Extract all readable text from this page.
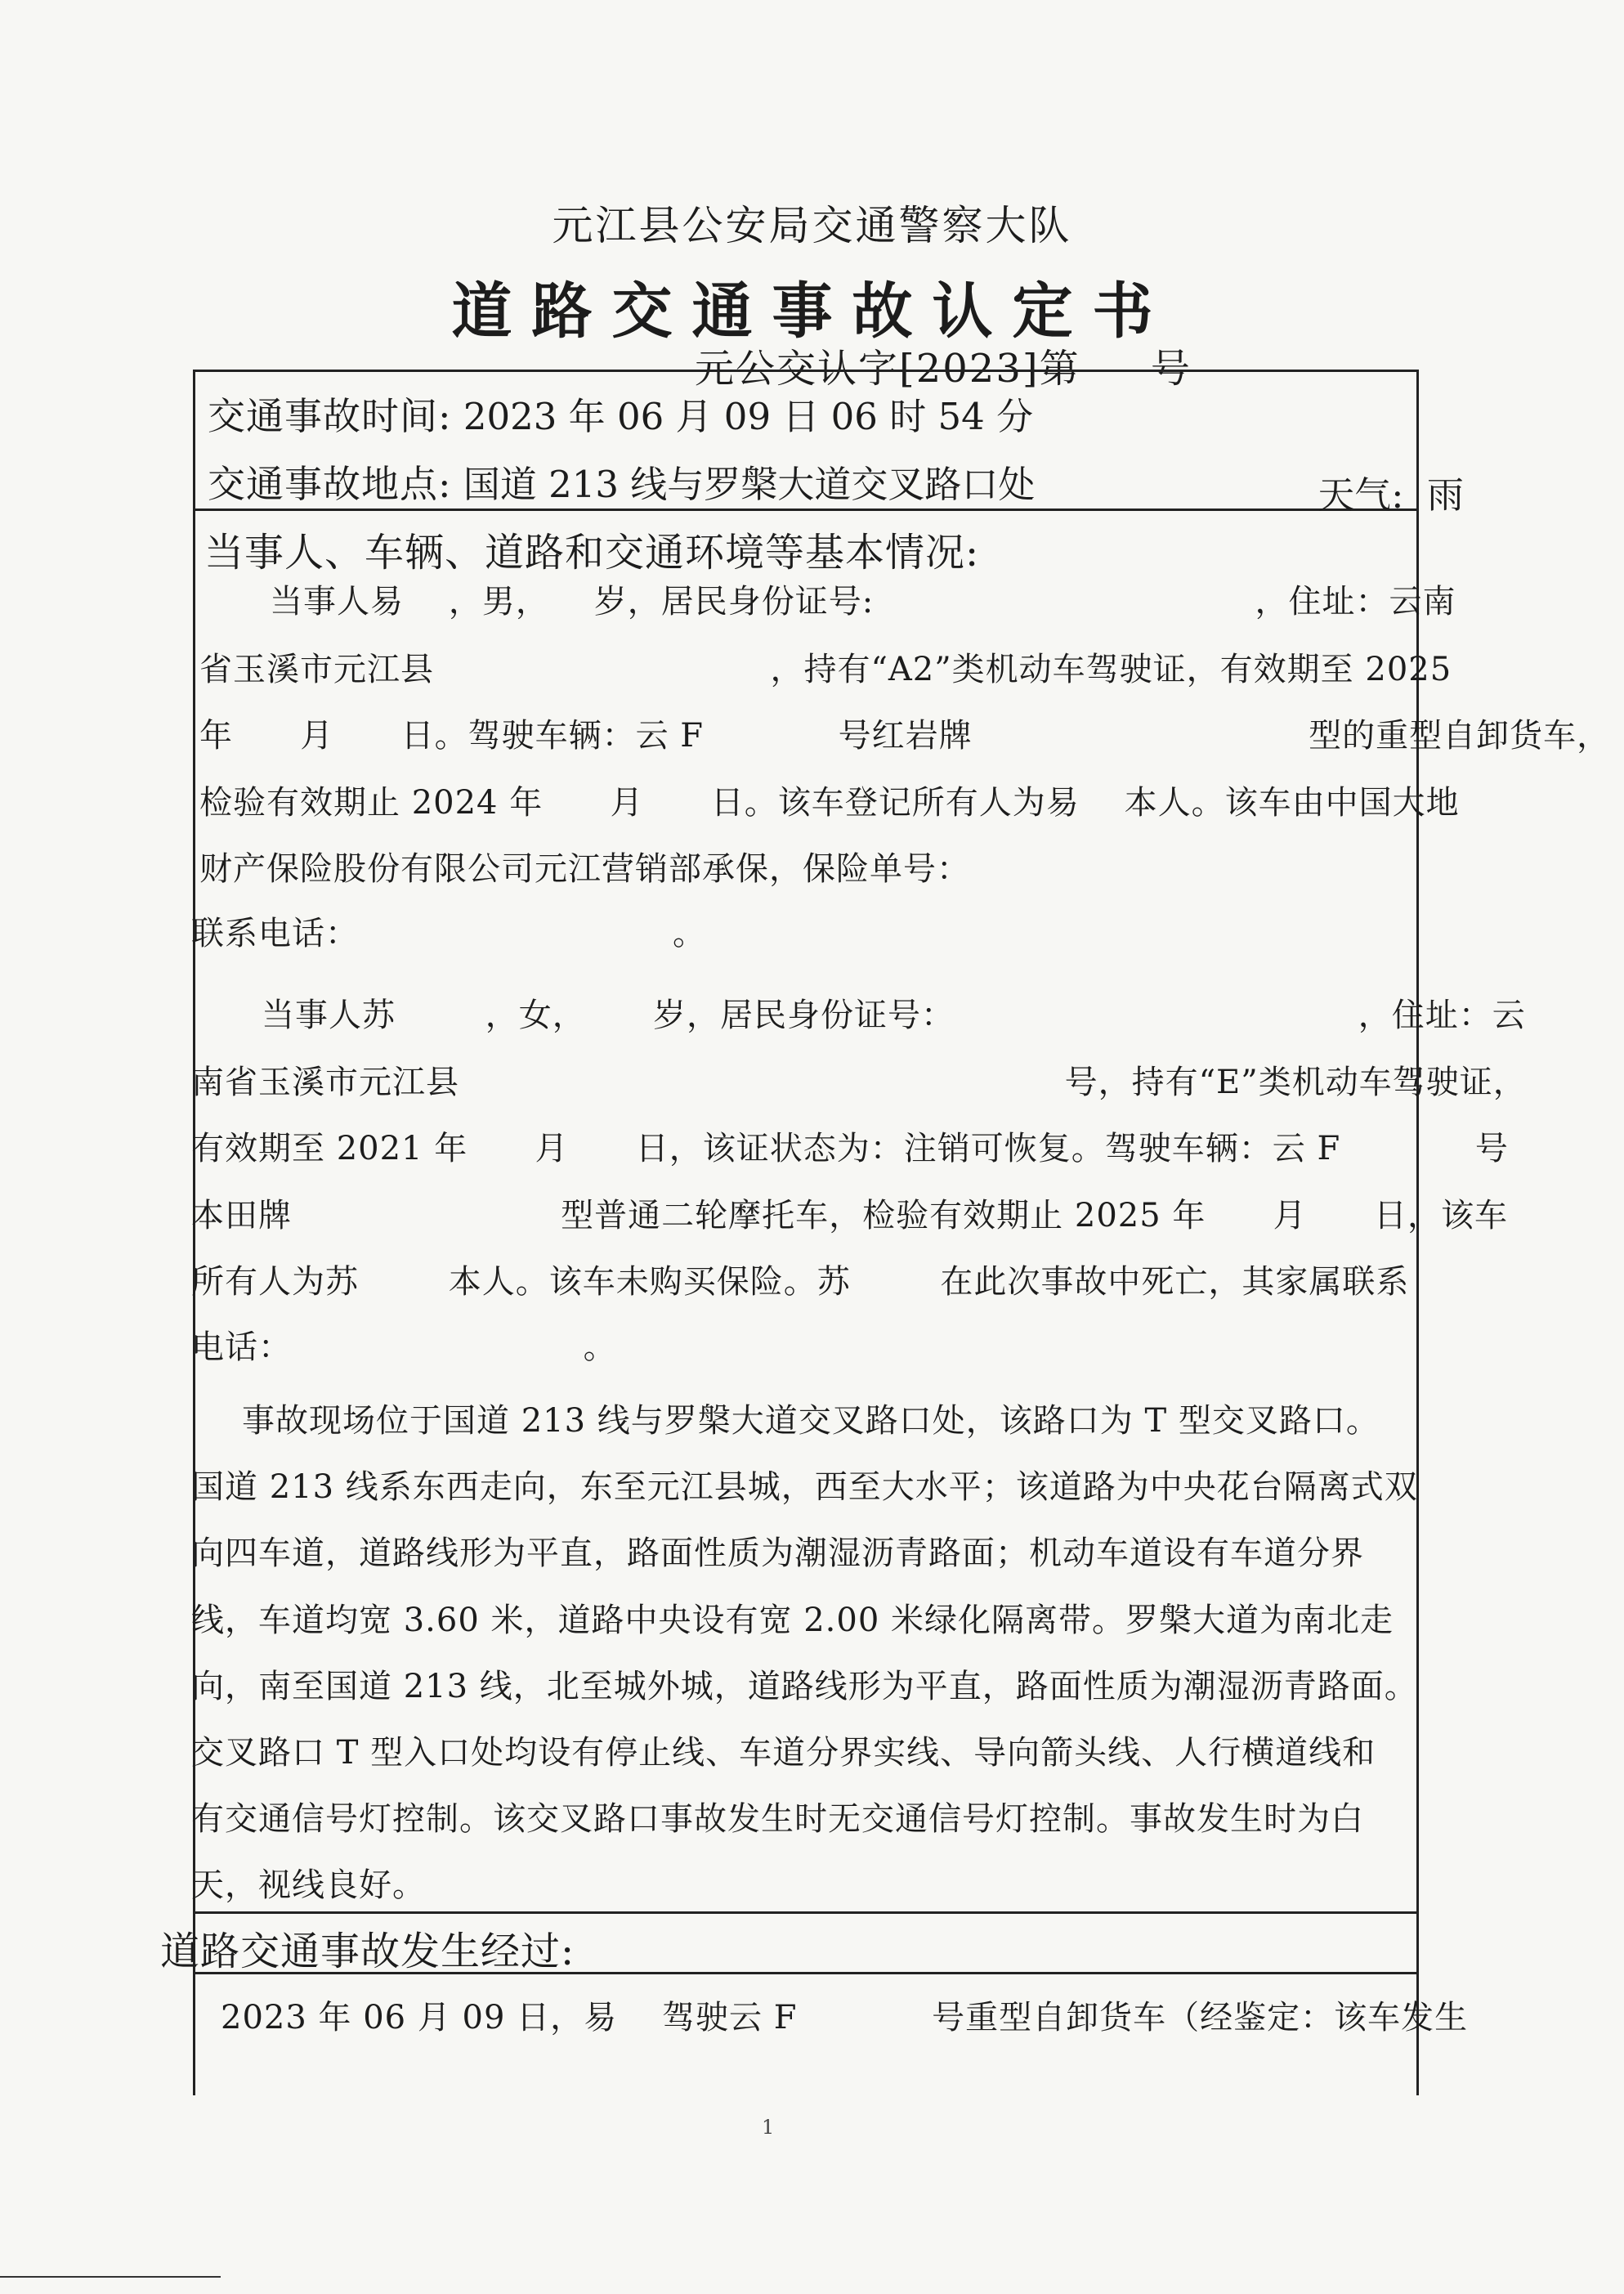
元江县公安局交通警察大队
道路交通事故认定书
元公交认字[2023]第     号
交通事故时间: 2023 年 06 月 09 日 06 时 54 分

天气: 雨

交通事故地点: 国道 213 线与罗槃大道交叉路口处
当事人、车辆、道路和交通环境等基本情况:
当事人易    ，男，    岁，居民身份证号:                                  ，住址：云南
省玉溪市元江县                              ，持有“A2”类机动车驾驶证，有效期至 2025
年      月      日。驾驶车辆：云 F            号红岩牌                              型的重型自卸货车，
检验有效期止 2024 年      月      日。该车登记所有人为易    本人。该车由中国大地
财产保险股份有限公司元江营销部承保，保险单号：
联系电话：                            。
当事人苏        ，女，      岁，居民身份证号：                                    ，住址：云
南省玉溪市元江县                                                      号，持有“E”类机动车驾驶证，
有效期至 2021 年      月      日，该证状态为：注销可恢复。驾驶车辆：云 F            号
本田牌                        型普通二轮摩托车，检验有效期止 2025 年      月      日，该车
所有人为苏        本人。该车未购买保险。苏        在此次事故中死亡，其家属联系
电话：                          。
事故现场位于国道 213 线与罗槃大道交叉路口处，该路口为 T 型交叉路口。
国道 213 线系东西走向，东至元江县城，西至大水平；该道路为中央花台隔离式双
向四车道，道路线形为平直，路面性质为潮湿沥青路面；机动车道设有车道分界
线，车道均宽 3.60 米，道路中央设有宽 2.00 米绿化隔离带。罗槃大道为南北走
向，南至国道 213 线，北至城外城，道路线形为平直，路面性质为潮湿沥青路面。
交叉路口 T 型入口处均设有停止线、车道分界实线、导向箭头线、人行横道线和
有交通信号灯控制。该交叉路口事故发生时无交通信号灯控制。事故发生时为白
天，视线良好。
道路交通事故发生经过:
2023 年 06 月 09 日，易    驾驶云 F            号重型自卸货车（经鉴定：该车发生
1
